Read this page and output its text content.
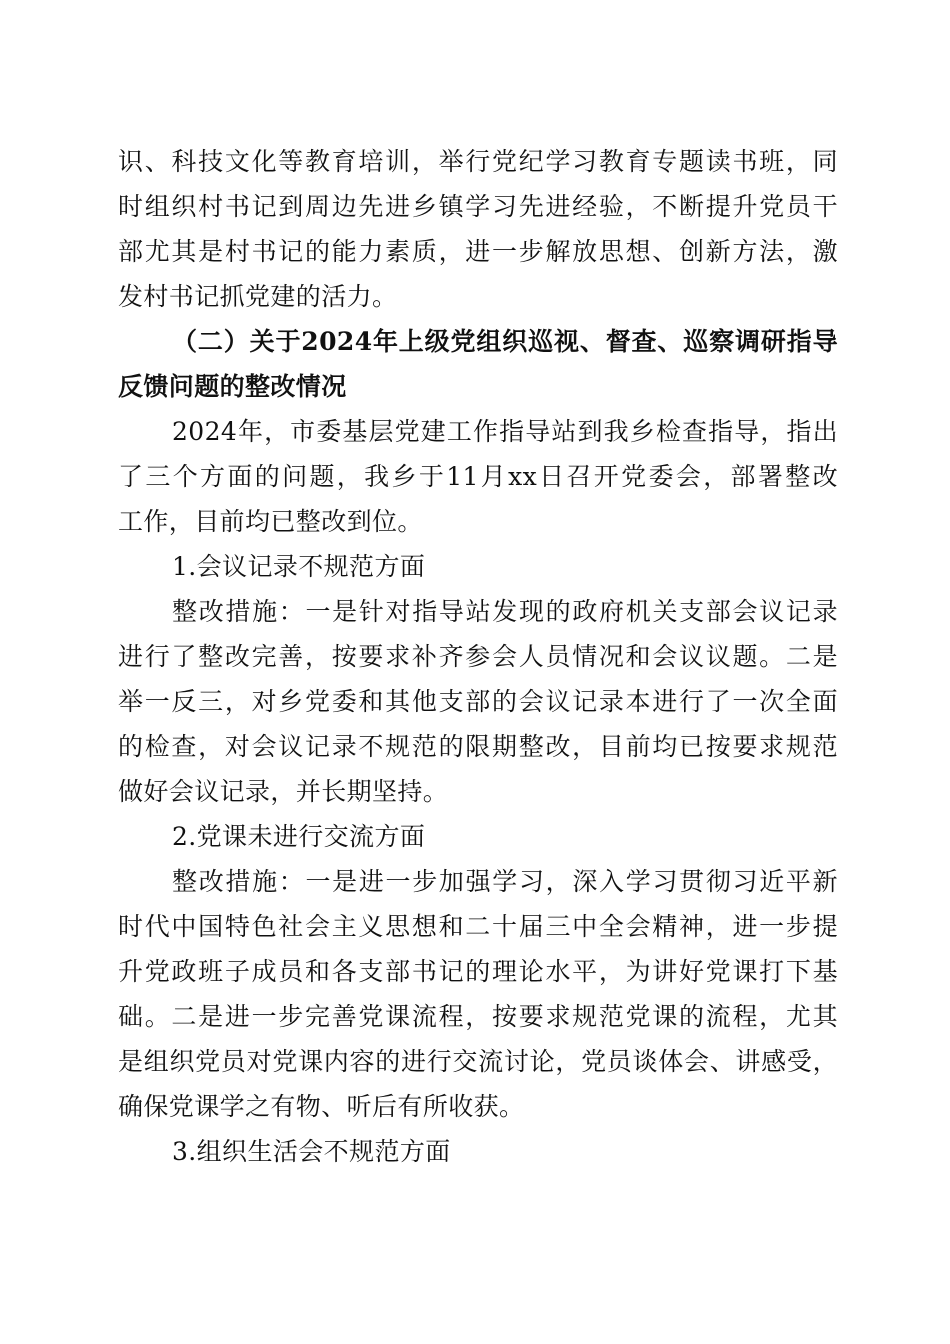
识、科技文化等教育培训，举行党纪学习教育专题读书班，同
时组织村书记到周边先进乡镇学习先进经验，不断提升党员干
部尤其是村书记的能力素质，进一步解放思想、创新方法，激
发村书记抓党建的活力。
（二）关于2024年上级党组织巡视、督查、巡察调研指导
反馈问题的整改情况
2024年，市委基层党建工作指导站到我乡检查指导，指出
了三个方面的问题，我乡于11月xx日召开党委会，部署整改
工作，目前均已整改到位。
1.会议记录不规范方面
整改措施：一是针对指导站发现的政府机关支部会议记录
进行了整改完善，按要求补齐参会人员情况和会议议题。二是
举一反三，对乡党委和其他支部的会议记录本进行了一次全面
的检查，对会议记录不规范的限期整改，目前均已按要求规范
做好会议记录，并长期坚持。
2.党课未进行交流方面
整改措施：一是进一步加强学习，深入学习贯彻习近平新
时代中国特色社会主义思想和二十届三中全会精神，进一步提
升党政班子成员和各支部书记的理论水平，为讲好党课打下基
础。二是进一步完善党课流程，按要求规范党课的流程，尤其
是组织党员对党课内容的进行交流讨论，党员谈体会、讲感受，
确保党课学之有物、听后有所收获。
3.组织生活会不规范方面
